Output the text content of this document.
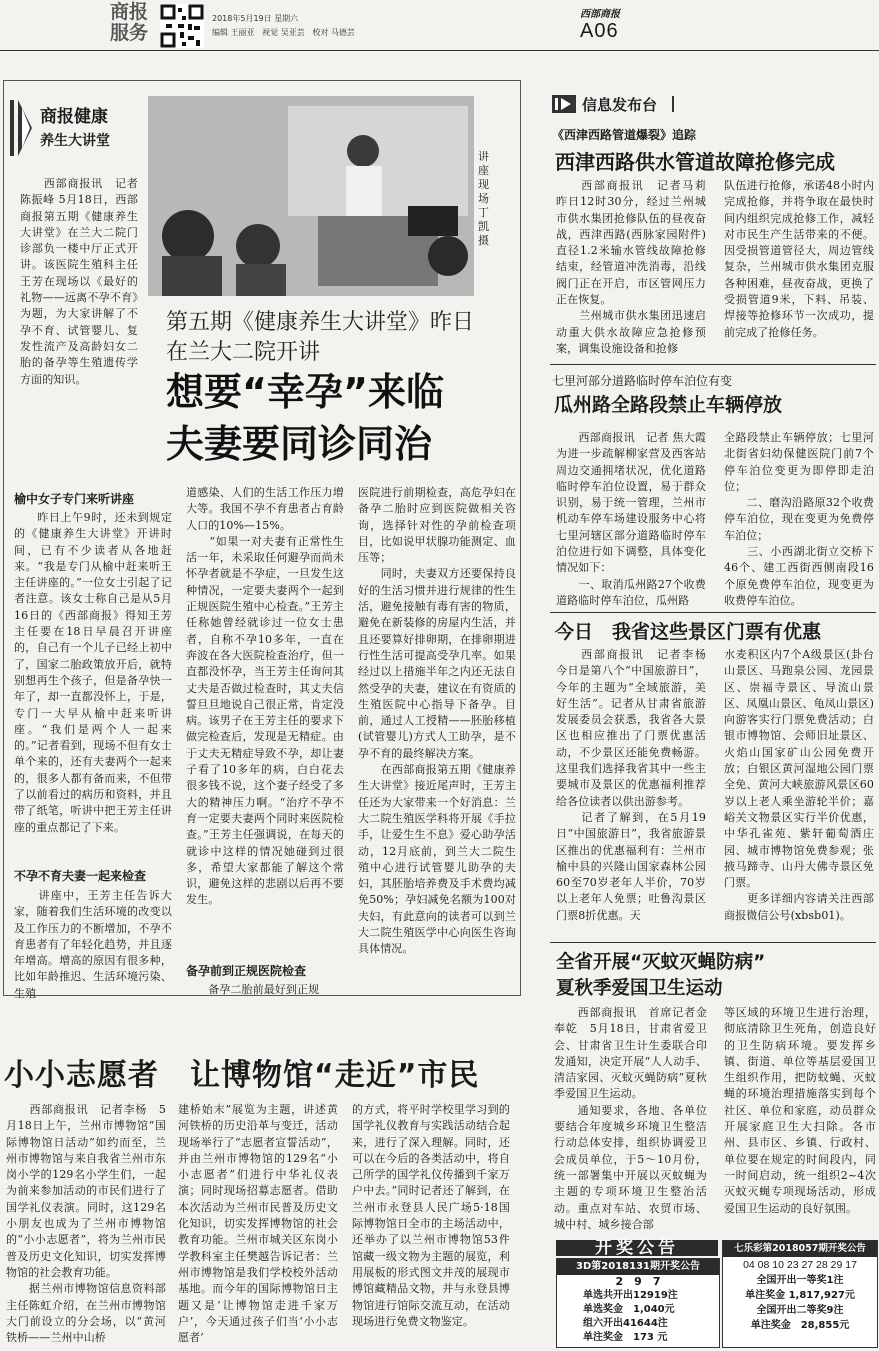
商报
服务
2018年5月19日 星期六
编辑 王丽亚   视觉 吴亚芸   校对 马德芸
西部商报
A06
商报健康
养生大讲堂
　　西部商报讯　记者 陈振峰 5月18日，西部商报第五期《健康养生大讲堂》在兰大二院门诊部负一楼中厅正式开讲。该医院生殖科主任王芳在现场以《最好的礼物——远离不孕不育》为题，为大家讲解了不孕不育、试管婴儿、复发性流产及高龄妇女二胎的备孕等生殖遗传学方面的知识。
讲座现场 丁凯 摄
第五期《健康养生大讲堂》昨日
在兰大二院开讲
想要“幸孕”来临
夫妻要同诊同治
榆中女子专门来听讲座
　　昨日上午9时，还未到规定的《健康养生大讲堂》开讲时间，已有不少读者从各地赶来。“我是专门从榆中赶来听王主任讲座的。”一位女士引起了记者注意。该女士称自己是从5月16日的《西部商报》得知王芳主任要在18日早晨召开讲座的，自己有一个儿子已经上初中了，国家二胎政策放开后，就特别想再生个孩子，但是备孕快一年了，却一直都没怀上，于是，专门一大早从榆中赶来听讲座。“我们是两个人一起来的。”记者看到，现场不但有女士单个来的，还有夫妻两个一起来的，很多人都有备而来，不但带了以前看过的病历和资料，并且带了纸笔，听讲中把王芳主任讲座的重点都记了下来。
不孕不育夫妻一起来检查
　　讲座中，王芳主任告诉大家，随着我们生活环境的改变以及工作压力的不断增加，不孕不育患者有了年轻化趋势，并且逐年增高。增高的原因有很多种，比如年龄推迟、生活环境污染、生殖
道感染、人们的生活工作压力增大等。我国不孕不育患者占育龄人口的10%—15%。
　　“如果一对夫妻有正常性生活一年，未采取任何避孕而尚未怀孕者就是不孕症，一旦发生这种情况，一定要夫妻两个一起到正规医院生殖中心检查。”王芳主任称她曾经就诊过一位女士患者，自称不孕10多年，一直在奔波在各大医院检查治疗，但一直都没怀孕，当王芳主任询问其丈夫是否做过检查时，其丈夫信誓旦旦地说自己很正常，肯定没病。该男子在王芳主任的要求下做完检查后，发现是无精症。由于丈夫无精症导致不孕，却让妻子看了10多年的病，白白花去很多钱不说，这个妻子经受了多大的精神压力啊。“治疗不孕不育一定要夫妻两个同时来医院检查。”王芳主任强调说，在每天的就诊中这样的情况她碰到过很多，希望大家都能了解这个常识，避免这样的悲剧以后再不要发生。
备孕前到正规医院检查
　　备孕二胎前最好到正规
医院进行前期检查，高危孕妇在备孕二胎时应到医院做相关咨询，选择针对性的孕前检查项目，比如说甲状腺功能测定、血压等；
　　同时，夫妻双方还要保持良好的生活习惯并进行规律的性生活，避免接触有毒有害的物质，避免在新装修的房屋内生活，并且还要算好排卵期，在排卵期进行性生活可提高受孕几率。如果经过以上措施半年之内还无法自然受孕的夫妻，建议在有资质的生殖医院中心指导下备孕。目前，通过人工授精——胚胎移植(试管婴儿)方式人工助孕，是不孕不育的最终解决方案。
　　在西部商报第五期《健康养生大讲堂》接近尾声时，王芳主任还为大家带来一个好消息：兰大二院生殖医学科将开展《手拉手，让爱生生不息》爱心助孕活动，12月底前，到兰大二院生殖中心进行试管婴儿助孕的夫妇，其胚胎培养费及手术费均减免50%；孕妇减免名额为100对夫妇，有此意向的读者可以到兰大二院生殖医学中心向医生咨询具体情况。
信息发布台
《西津西路管道爆裂》追踪
西津西路供水管道故障抢修完成
　　西部商报讯　记者马莉　昨日12时30分，经过兰州城市供水集团抢修队伍的昼夜奋战，西津西路(西脉家园附件)直径1.2米输水管线故障抢修结束，经管道冲洗消毒，沿线阀门正在开启，市区管网压力正在恢复。
　　兰州城市供水集团迅速启动重大供水故障应急抢修预案，调集设施设备和抢修
队伍进行抢修，承诺48小时内完成抢修，并将争取在最快时间内组织完成抢修工作，减轻对市民生产生活带来的不便。因受损管道管径大，周边管线复杂，兰州城市供水集团克服各种困难，昼夜奋战，更换了受损管道9米，下料、吊装、焊接等抢修环节一次成功，提前完成了抢修任务。
七里河部分道路临时停车泊位有变
瓜州路全路段禁止车辆停放
　　西部商报讯　记者 焦大霞　为进一步疏解柳家营及西客站周边交通拥堵状况，优化道路临时停车泊位设置，易于群众识别，易于统一管理，兰州市机动车停车场建设服务中心将七里河辖区部分道路临时停车泊位进行如下调整，具体变化情况如下：
　　一、取消瓜州路27个收费道路临时停车泊位，瓜州路
全路段禁止车辆停放；七里河北街省妇幼保健医院门前7个停车泊位变更为即停即走泊位；
　　二、磨沟沿路原32个收费停车泊位，现在变更为免费停车泊位；
　　三、小西湖北街立交桥下46个、建工西街西侧南段16个原免费停车泊位，现变更为收费停车泊位。
今日　我省这些景区门票有优惠
　　西部商报讯　记者李杨　今日是第八个“中国旅游日”，今年的主题为“全域旅游，美好生活”。记者从甘肃省旅游发展委员会获悉，我省各大景区也相应推出了门票优惠活动，不少景区还能免费畅游。这里我们选择我省其中一些主要城市及景区的优惠福利推荐给各位读者以供出游参考。
　　记者了解到，在5月19日“中国旅游日”，我省旅游景区推出的优惠福利有：兰州市榆中县的兴隆山国家森林公园60至70岁老年人半价，70岁以上老年人免票；吐鲁沟景区门票8折优惠。天
水麦积区内7个A级景区(卦台山景区、马跑泉公园、龙园景区、崇福寺景区、导流山景区、凤凰山景区、龟凤山景区)向游客实行门票免费活动；白银市博物馆、会师旧址景区、火焰山国家矿山公园免费开放；白银区黄河湿地公园门票全免、黄河大峡旅游风景区60岁以上老人乘坐游轮半价；嘉峪关文物景区实行半价优惠，中华孔雀苑、紫轩葡萄酒庄园、城市博物馆免费参观；张掖马蹄寺、山丹大佛寺景区免门票。
　　更多详细内容请关注西部商报微信公号(xbsb01)。
全省开展“灭蚊灭蝇防病”
夏秋季爱国卫生运动
　　西部商报讯　首席记者金奉乾　5月18日，甘肃省爱卫会、甘肃省卫生计生委联合印发通知，决定开展“人人动手、清洁家园、灭蚊灭蝇防病”夏秋季爱国卫生运动。
　　通知要求，各地、各单位要结合年度城乡环境卫生整洁行动总体安排，组织协调爱卫会成员单位，于5～10月份，统一部署集中开展以灭蚊蝇为主题的专项环境卫生整治活动。重点对车站、农贸市场、城中村、城乡接合部
等区域的环境卫生进行治理，彻底清除卫生死角，创造良好的卫生防病环境。要发挥乡镇、街道、单位等基层爱国卫生组织作用，把防蚊蝇、灭蚊蝇的环境治理措施落实到每个社区、单位和家庭，动员群众开展家庭卫生大扫除。各市州、县市区、乡镇、行政村、单位要在规定的时间段内，同一时间启动，统一组织2~4次灭蚊灭蝇专项现场活动，形成爱国卫生运动的良好氛围。
小小志愿者　让博物馆“走近”市民
　　西部商报讯　记者李杨　5月18日上午，兰州市博物馆“国际博物馆日活动”如约而至，兰州市博物馆与来自我省兰州市东岗小学的129名小学生们，一起为前来参加活动的市民们进行了国学礼仪表演。同时，这129名小朋友也成为了兰州市博物馆的“小小志愿者”，将为兰州市民普及历史文化知识，切实发挥博物馆的社会教育功能。
　　据兰州市博物馆信息资料部主任陈虹介绍，在兰州市博物馆大门前设立的分会场，以“黄河铁桥——兰州中山桥
建桥始末”展览为主题，讲述黄河铁桥的历史沿革与变迁，活动现场举行了“志愿者宣誓活动”，并由兰州市博物馆的129名“小小志愿者”们进行中华礼仪表演；同时现场招募志愿者。借助本次活动为兰州市民普及历史文化知识，切实发挥博物馆的社会教育功能。兰州市城关区东岗小学教科室主任樊越告诉记者：兰州市博物馆是我们学校校外活动基地。而今年的国际博物馆日主题又是‘让博物馆走进千家万户’，今天通过孩子们当‘小小志愿者’
的方式，将平时学校里学习到的国学礼仪教育与实践活动结合起来，进行了深入理解。同时，还可以在今后的各类活动中，将自己所学的国学礼仪传播到千家万户中去。”同时记者还了解到，在兰州市永登县人民广场5·18国际博物馆日全市的主场活动中，还举办了以兰州市博物馆53件馆藏一级文物为主题的展览，利用展板的形式图文并茂的展现市博馆藏精品文物，并与永登县博物馆进行馆际交流互动，在活动现场进行免费文物鉴定。
开奖公告
3D第2018131期开奖公告
2　9　7
单选共开出12919注
单选奖金　1,040元
组六开出41644注
单注奖金　173 元
七乐彩第2018057期开奖公告
04 08 10 23 27 28 29 17
全国开出一等奖1注
单注奖金 1,817,927元
全国开出二等奖9注
单注奖金　28,855元
